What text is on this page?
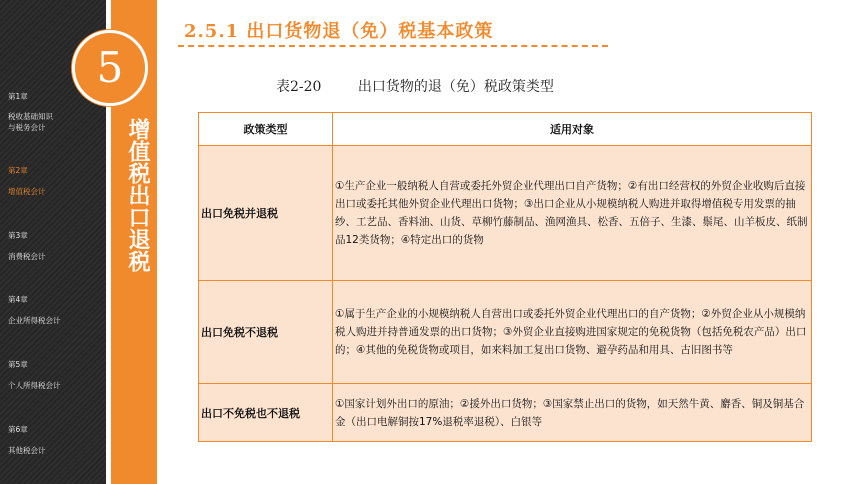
第1章
税收基础知识
与税务会计
第2章
增值税会计
第3章
消费税会计
第4章
企业所得税会计
第5章
个人所得税会计
第6章
其他税会计
增值税出口退税
5
2.5.1 出口货物退（免）税基本政策
表2-20	出口货物的退（免）税政策类型
政策类型	适用对象
出口免税并退税	①生产企业一般纳税人自营或委托外贸企业代理出口自产货物；②有出口经营权的外贸企业收购后直接出口或委托其他外贸企业代理出口货物；③出口企业从小规模纳税人购进并取得增值税专用发票的抽纱、工艺品、香料油、山货、草柳竹藤制品、渔网渔具、松香、五倍子、生漆、鬃尾、山羊板皮、纸制品12类货物；④特定出口的货物
出口免税不退税	①属于生产企业的小规模纳税人自营出口或委托外贸企业代理出口的自产货物；②外贸企业从小规模纳税人购进并持普通发票的出口货物；③外贸企业直接购进国家规定的免税货物（包括免税农产品）出口的；④其他的免税货物或项目，如来料加工复出口货物、避孕药品和用具、古旧图书等
出口不免税也不退税	①国家计划外出口的原油；②援外出口货物；③国家禁止出口的货物，如天然牛黄、麝香、铜及铜基合金（出口电解铜按17%退税率退税）、白银等
